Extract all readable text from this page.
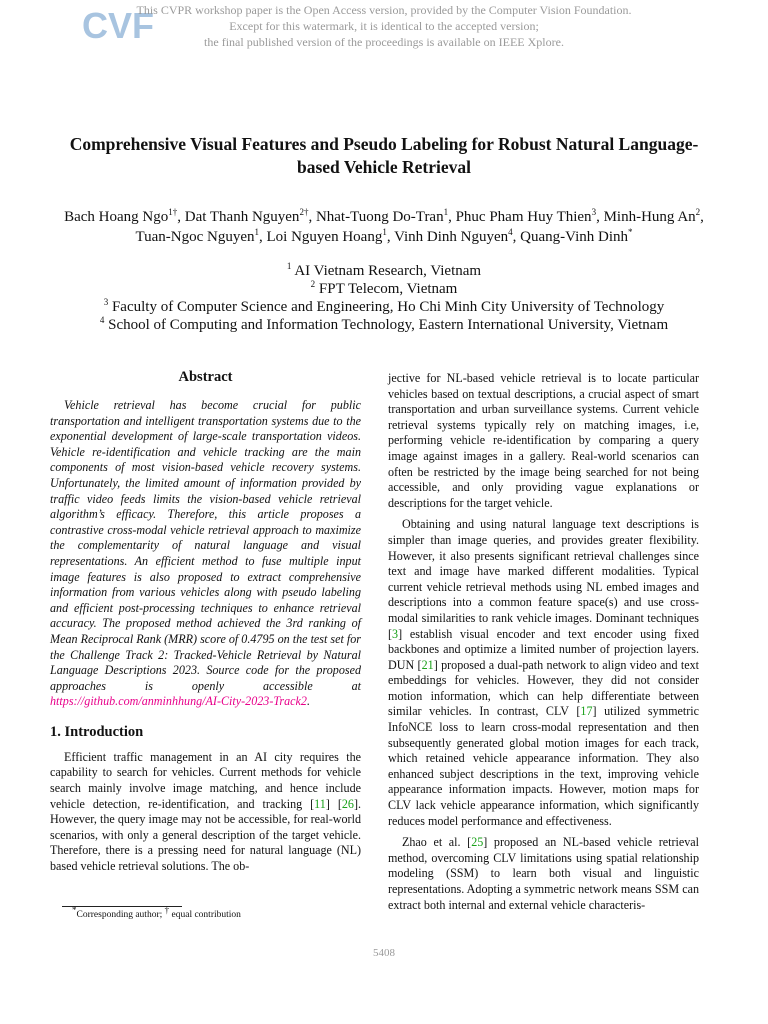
CVF
This CVPR workshop paper is the Open Access version, provided by the Computer Vision Foundation.
Except for this watermark, it is identical to the accepted version;
the final published version of the proceedings is available on IEEE Xplore.
Comprehensive Visual Features and Pseudo Labeling for Robust Natural Language-based Vehicle Retrieval
Bach Hoang Ngo$^{1\dagger}$, Dat Thanh Nguyen$^{2\dagger}$, Nhat-Tuong Do-Tran$^1$, Phuc Pham Huy Thien$^3$, Minh-Hung An$^2$, Tuan-Ngoc Nguyen$^1$, Loi Nguyen Hoang$^1$, Vinh Dinh Nguyen$^4$, Quang-Vinh Dinh*
$^1$ AI Vietnam Research, Vietnam
$^2$ FPT Telecom, Vietnam
$^3$ Faculty of Computer Science and Engineering, Ho Chi Minh City University of Technology
$^4$ School of Computing and Information Technology, Eastern International University, Vietnam
Abstract

Vehicle retrieval has become crucial for public transportation and intelligent transportation systems due to the exponential development of large-scale transportation videos. Vehicle re-identification and vehicle tracking are the main components of most vision-based vehicle recovery systems. Unfortunately, the limited amount of information provided by traffic video feeds limits the vision-based vehicle retrieval algorithm’s efficacy. Therefore, this article proposes a contrastive cross-modal vehicle retrieval approach to maximize the complementarity of natural language and visual representations. An efficient method to fuse multiple input image features is also proposed to extract comprehensive information from various vehicles along with pseudo labeling and efficient post-processing techniques to enhance retrieval accuracy. The proposed method achieved the 3rd ranking of Mean Reciprocal Rank (MRR) score of 0.4795 on the test set for the Challenge Track 2: Tracked-Vehicle Retrieval by Natural Language Descriptions 2023. Source code for the proposed approaches is openly accessible at https://github.com/anminhhung/AI-City-2023-Track2.

1. Introduction

Efficient traffic management in an AI city requires the capability to search for vehicles. Current methods for vehicle search mainly involve image matching, and hence include vehicle detection, re-identification, and tracking [11] [26]. However, the query image may not be accessible, for real-world scenarios, with only a general description of the target vehicle. Therefore, there is a pressing need for natural language (NL) based vehicle retrieval solutions. The ob-

jective for NL-based vehicle retrieval is to locate particular vehicles based on textual descriptions, a crucial aspect of smart transportation and urban surveillance systems. Current vehicle retrieval systems typically rely on matching images, i.e, performing vehicle re-identification by comparing a query image against images in a gallery. Real-world scenarios can often be restricted by the image being searched for not being accessible, and only providing vague explanations or descriptions for the target vehicle.

Obtaining and using natural language text descriptions is simpler than image queries, and provides greater flexibility. However, it also presents significant retrieval challenges since text and image have marked different modalities. Typical current vehicle retrieval methods using NL embed images and descriptions into a common feature space(s) and use cross-modal similarities to rank vehicle images. Dominant techniques [3] establish visual encoder and text encoder using fixed backbones and optimize a limited number of projection layers. DUN [21] proposed a dual-path network to align video and text embeddings for vehicles. However, they did not consider motion information, which can help differentiate between similar vehicles. In contrast, CLV [17] utilized symmetric InfoNCE loss to learn cross-modal representation and then subsequently generated global motion images for each track, which retained vehicle appearance information. They also enhanced subject descriptions in the text, improving vehicle appearance information impacts. However, motion maps for CLV lack vehicle appearance information, which significantly reduces model performance and effectiveness.

Zhao et al. [25] proposed an NL-based vehicle retrieval method, overcoming CLV limitations using spatial relationship modeling (SSM) to learn both visual and linguistic representations. Adopting a symmetric network means SSM can extract both internal and external vehicle characteris-

*Corresponding author; † equal contribution
5408
